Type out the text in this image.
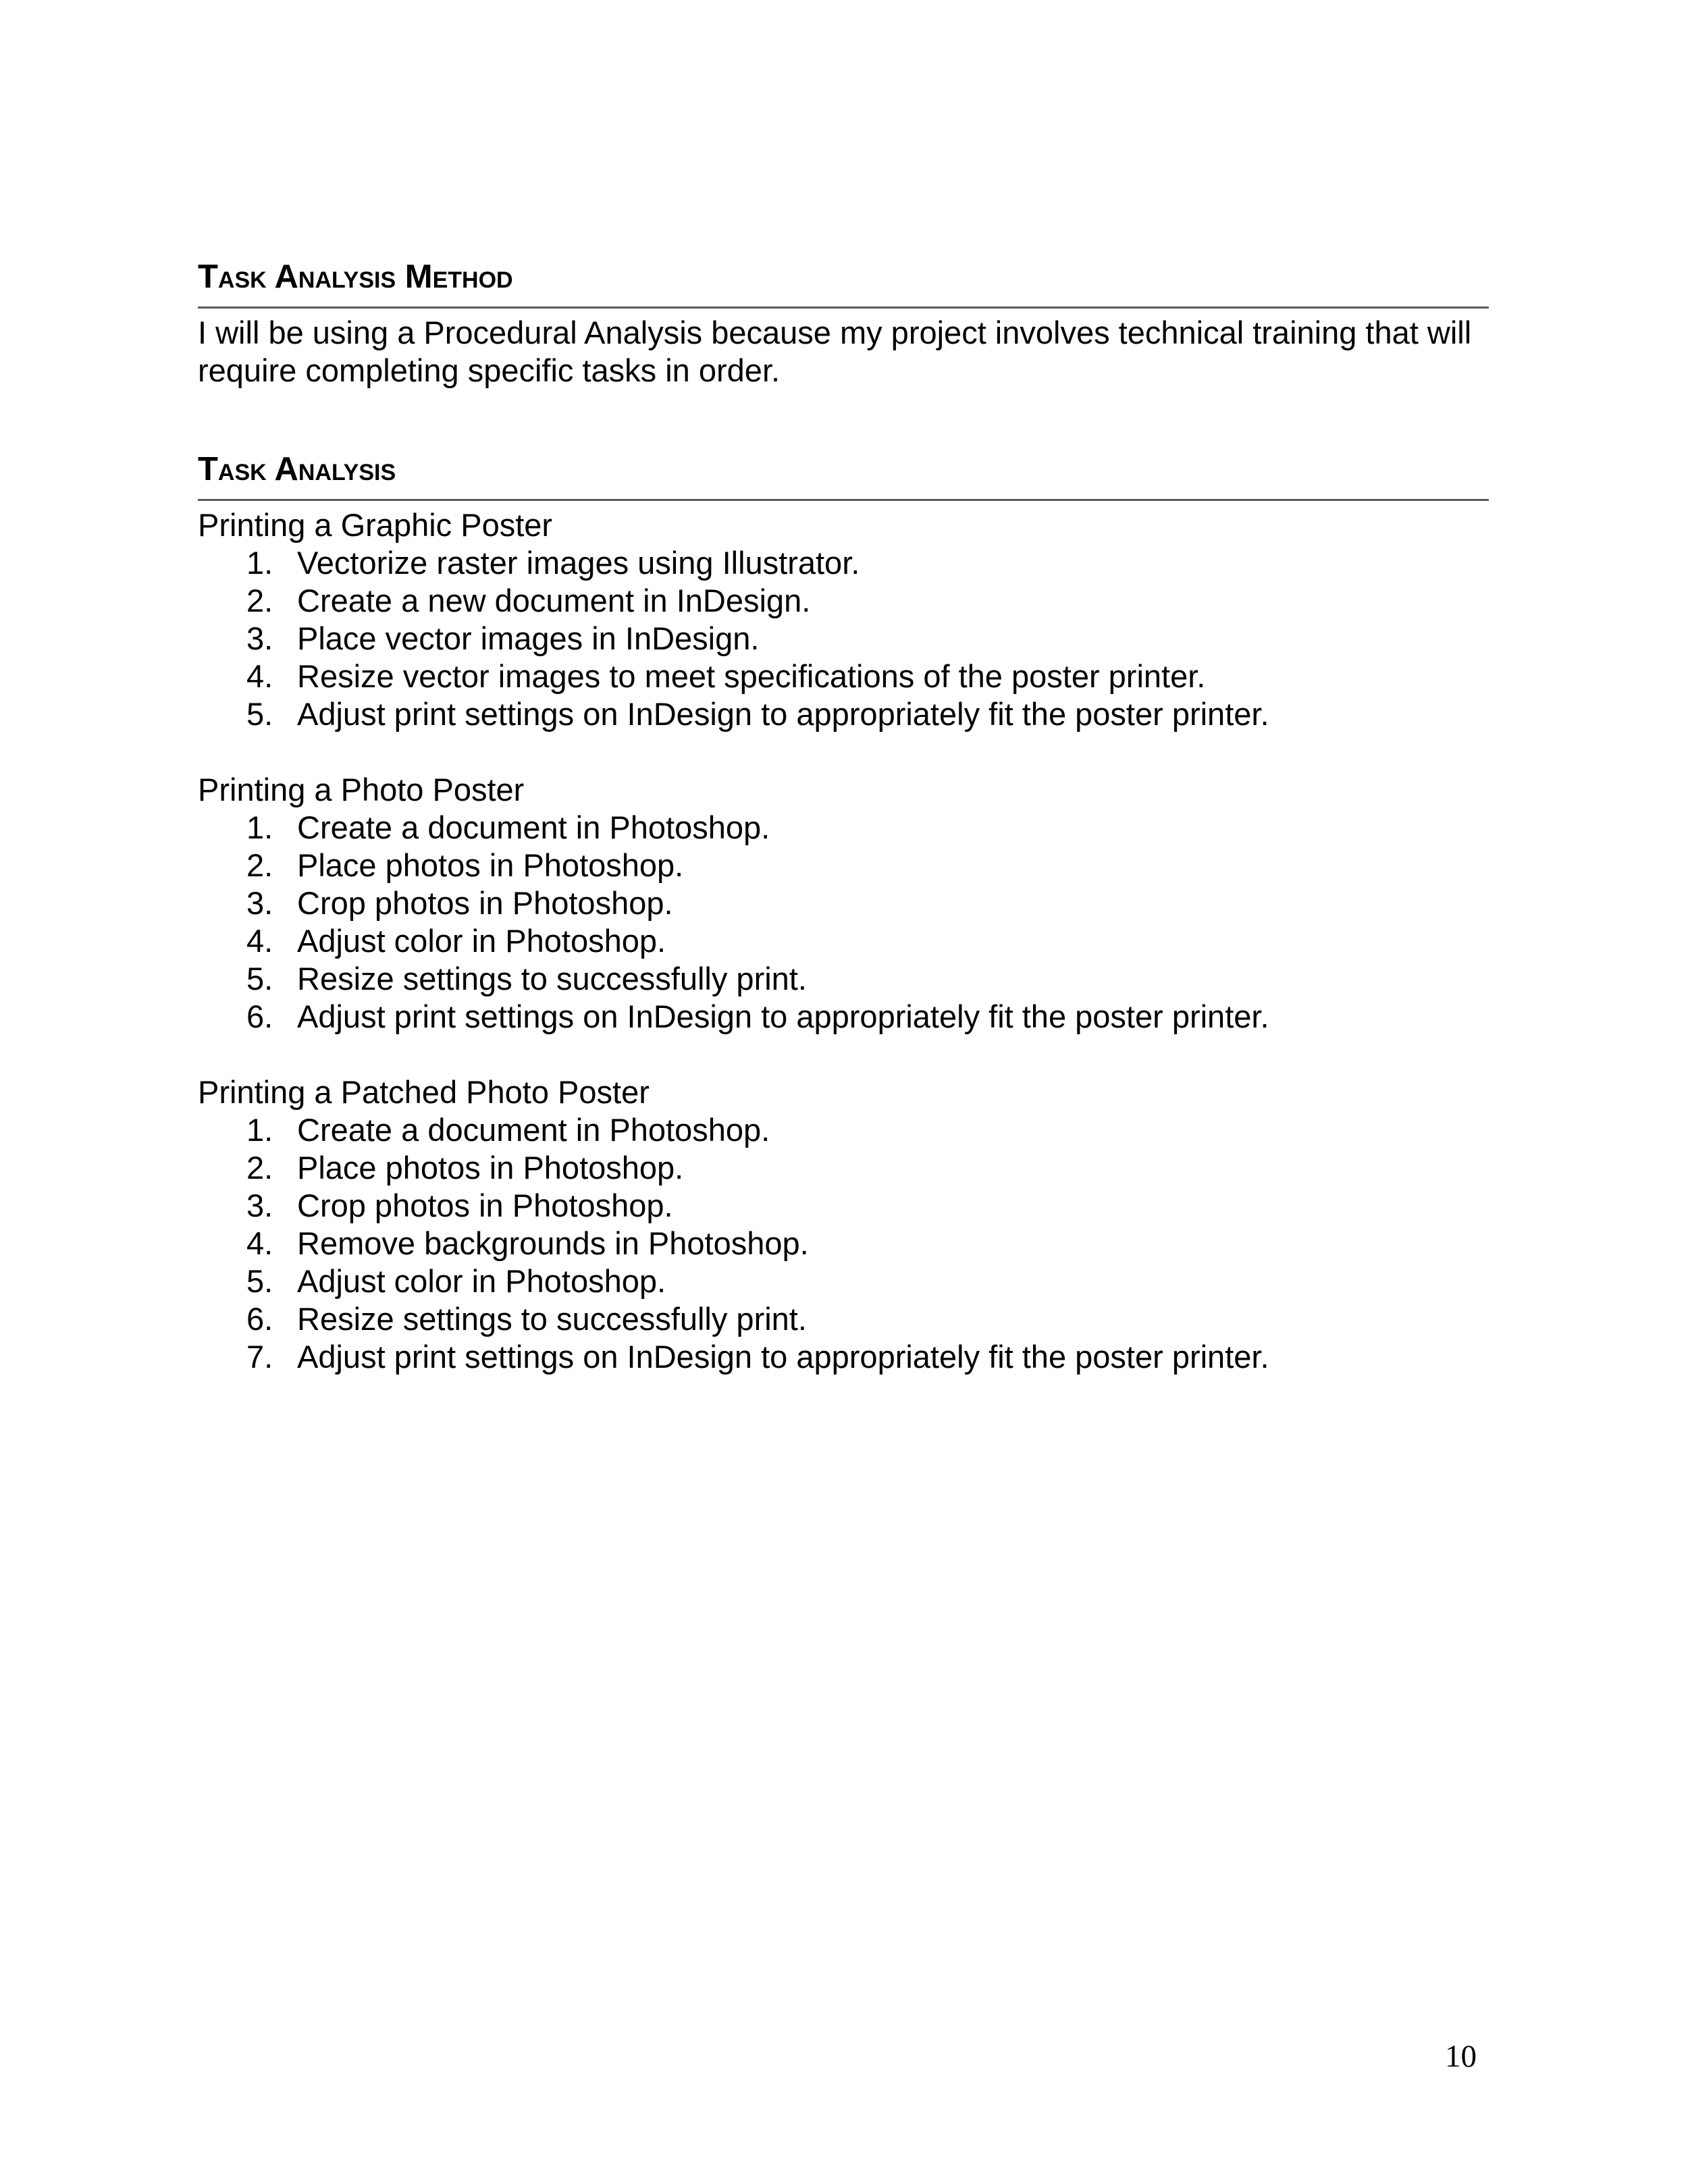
Task Analysis Method

I will be using a Procedural Analysis because my project involves technical training that will require completing specific tasks in order.

Task Analysis
Printing a Graphic Poster
1. Vectorize raster images using Illustrator.
2. Create a new document in InDesign.
3. Place vector images in InDesign.
4. Resize vector images to meet specifications of the poster printer.
5. Adjust print settings on InDesign to appropriately fit the poster printer.
Printing a Photo Poster
1. Create a document in Photoshop.
2. Place photos in Photoshop.
3. Crop photos in Photoshop.
4. Adjust color in Photoshop.
5. Resize settings to successfully print.
6. Adjust print settings on InDesign to appropriately fit the poster printer.
Printing a Patched Photo Poster
1. Create a document in Photoshop.
2. Place photos in Photoshop.
3. Crop photos in Photoshop.
4. Remove backgrounds in Photoshop.
5. Adjust color in Photoshop.
6. Resize settings to successfully print.
7. Adjust print settings on InDesign to appropriately fit the poster printer.
10
